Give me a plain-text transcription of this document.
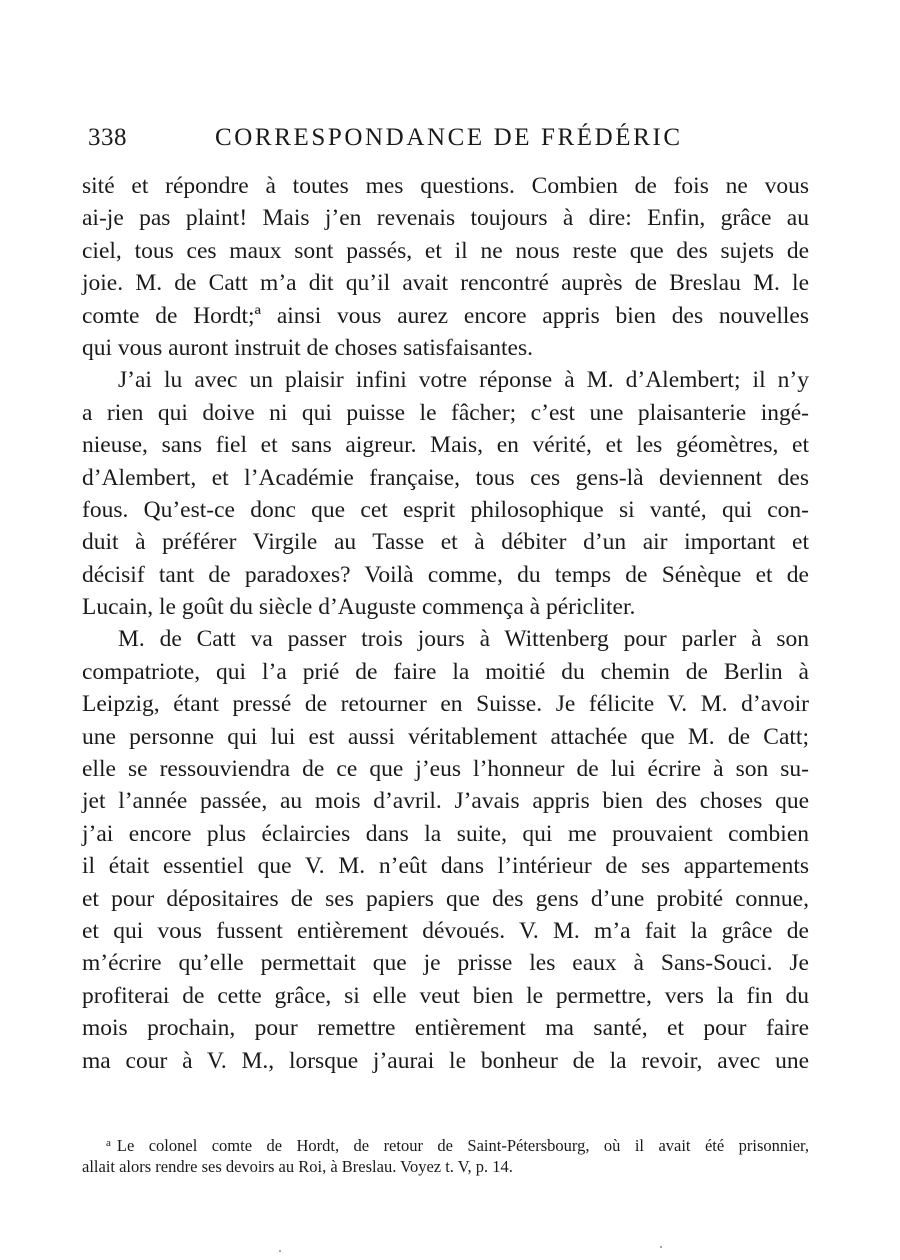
338	CORRESPONDANCE DE FRÉDÉRIC
sité et répondre à toutes mes questions. Combien de fois ne vous
ai-je pas plaint! Mais j’en revenais toujours à dire: Enfin, grâce au
ciel, tous ces maux sont passés, et il ne nous reste que des sujets de
joie. M. de Catt m’a dit qu’il avait rencontré auprès de Breslau M. le
comte de Hordt;ª ainsi vous aurez encore appris bien des nouvelles
qui vous auront instruit de choses satisfaisantes.
J’ai lu avec un plaisir infini votre réponse à M. d’Alembert; il n’y
a rien qui doive ni qui puisse le fâcher; c’est une plaisanterie ingé-
nieuse, sans fiel et sans aigreur. Mais, en vérité, et les géomètres, et
d’Alembert, et l’Académie française, tous ces gens-là deviennent des
fous. Qu’est-ce donc que cet esprit philosophique si vanté, qui con-
duit à préférer Virgile au Tasse et à débiter d’un air important et
décisif tant de paradoxes? Voilà comme, du temps de Sénèque et de
Lucain, le goût du siècle d’Auguste commença à péricliter.
M. de Catt va passer trois jours à Wittenberg pour parler à son
compatriote, qui l’a prié de faire la moitié du chemin de Berlin à
Leipzig, étant pressé de retourner en Suisse. Je félicite V. M. d’avoir
une personne qui lui est aussi véritablement attachée que M. de Catt;
elle se ressouviendra de ce que j’eus l’honneur de lui écrire à son su-
jet l’année passée, au mois d’avril. J’avais appris bien des choses que
j’ai encore plus éclaircies dans la suite, qui me prouvaient combien
il était essentiel que V. M. n’eût dans l’intérieur de ses appartements
et pour dépositaires de ses papiers que des gens d’une probité connue,
et qui vous fussent entièrement dévoués. V. M. m’a fait la grâce de
m’écrire qu’elle permettait que je prisse les eaux à Sans-Souci. Je
profiterai de cette grâce, si elle veut bien le permettre, vers la fin du
mois prochain, pour remettre entièrement ma santé, et pour faire
ma cour à V. M., lorsque j’aurai le bonheur de la revoir, avec une
$^a$ Le colonel comte de Hordt, de retour de Saint-Pétersbourg, où il avait été prisonnier,
allait alors rendre ses devoirs au Roi, à Breslau. Voyez t. V, p. 14.
